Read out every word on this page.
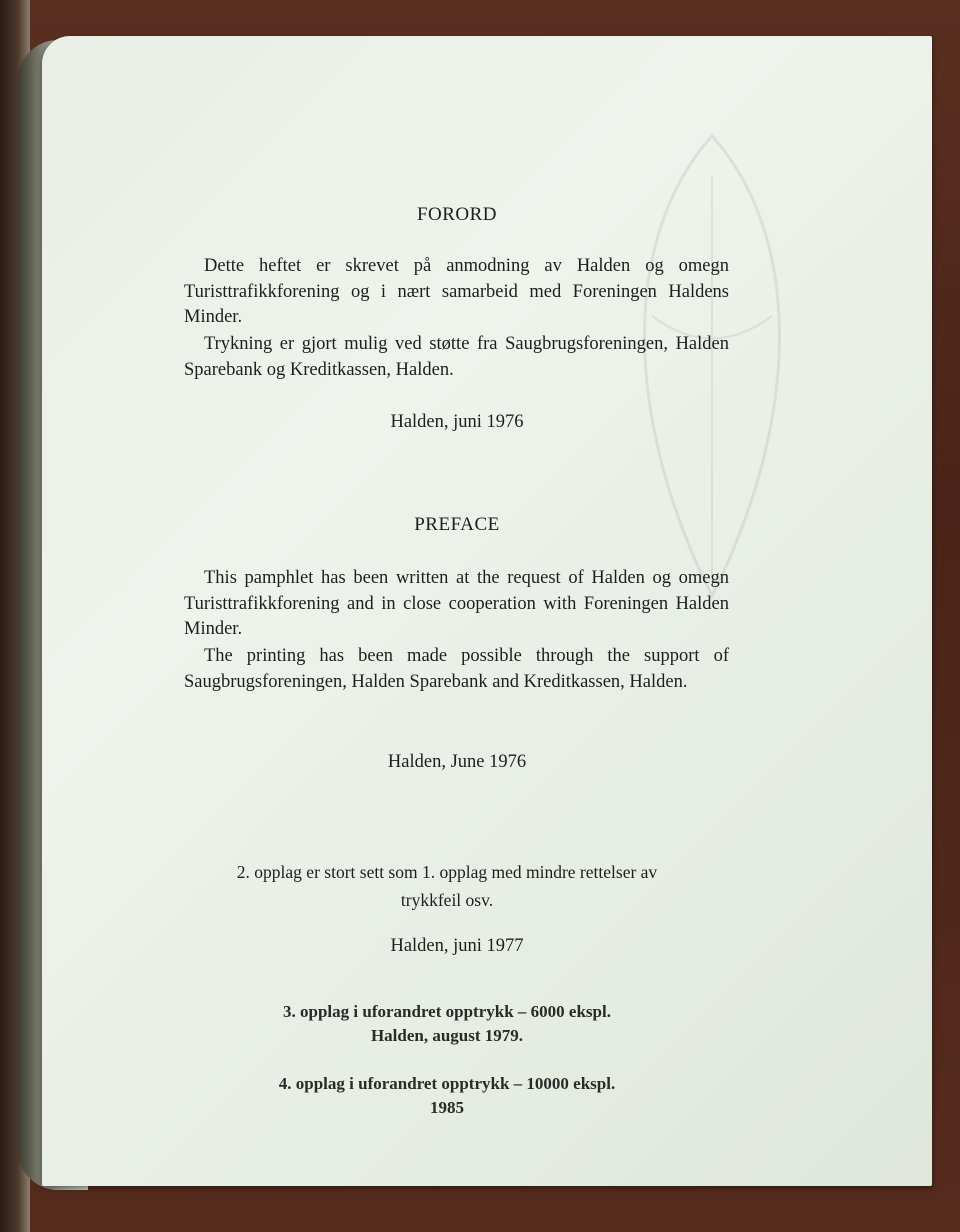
FORORD

Dette heftet er skrevet på anmodning av Halden og omegn Turisttrafikkforening og i nært samarbeid med Foreningen Haldens Minder.

Trykning er gjort mulig ved støtte fra Saugbrugsforeningen, Halden Sparebank og Kreditkassen, Halden.

Halden, juni 1976
PREFACE

This pamphlet has been written at the request of Halden og omegn Turisttrafikkforening and in close cooperation with Foreningen Halden Minder.

The printing has been made possible through the support of Saugbrugsforeningen, Halden Sparebank and Kreditkassen, Halden.

Halden, June 1976
2. opplag er stort sett som 1. opplag med mindre rettelser av
trykkfeil osv.
Halden, juni 1977
3. opplag i uforandret opptrykk – 6000 ekspl.
Halden, august 1979.
4. opplag i uforandret opptrykk – 10000 ekspl.
1985
